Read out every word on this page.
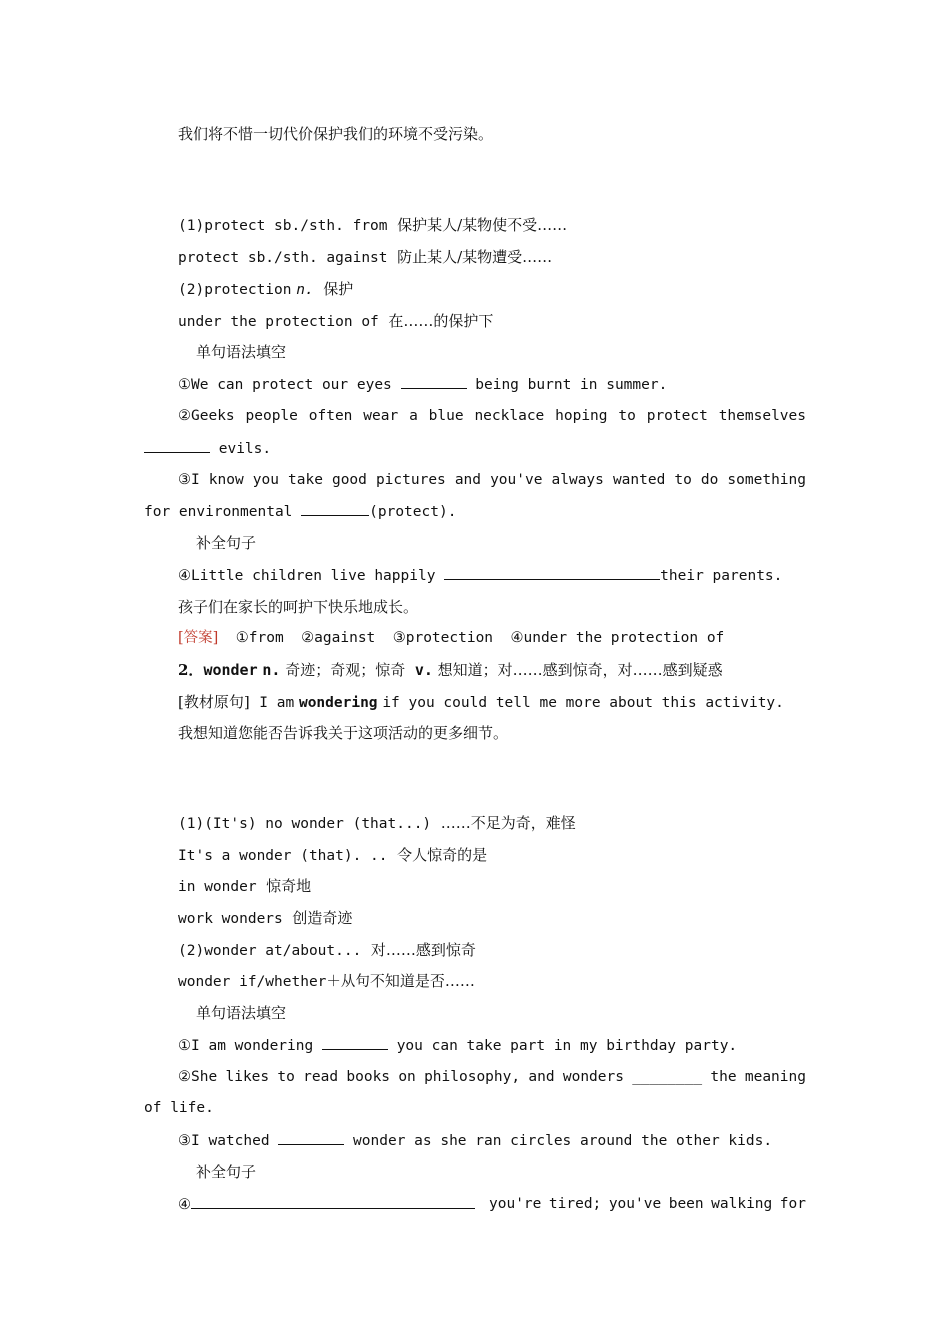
我们将不惜一切代价保护我们的环境不受污染。
(1)protect sb./sth. from 保护某人/某物使不受……
protect sb./sth. against 防止某人/某物遭受……
(2)protection n. 保护
under the protection of 在……的保护下
单句语法填空
①We can protect our eyes	being burnt in summer.
②Geeks people often wear a blue necklace hoping to protect themselves
evils.
③I know you take good pictures and you've always wanted to do something
for environmental	(protect).
补全句子
④Little children live happily	their parents.
孩子们在家长的呵护下快乐地成长。
[答案] ①from  ②against  ③protection  ④under the protection of
2．wonder n. 奇迹；奇观；惊奇 v. 想知道；对……感到惊奇，对……感到疑惑
[教材原句] I am wondering if you could tell me more about this activity.
我想知道您能否告诉我关于这项活动的更多细节。
(1)(It's) no wonder (that...) ……不足为奇，难怪
It's a wonder (that). .. 令人惊奇的是
in wonder 惊奇地
work wonders 创造奇迹
(2)wonder at/about... 对……感到惊奇
wonder if/whether＋从句不知道是否……
单句语法填空
①I am wondering	you can take part in my birthday party.
②She likes to read books on philosophy, and wonders ________ the meaning
of life.
③I watched	wonder as she ran circles around the other kids.
补全句子
④	you're tired; you've been walking for
